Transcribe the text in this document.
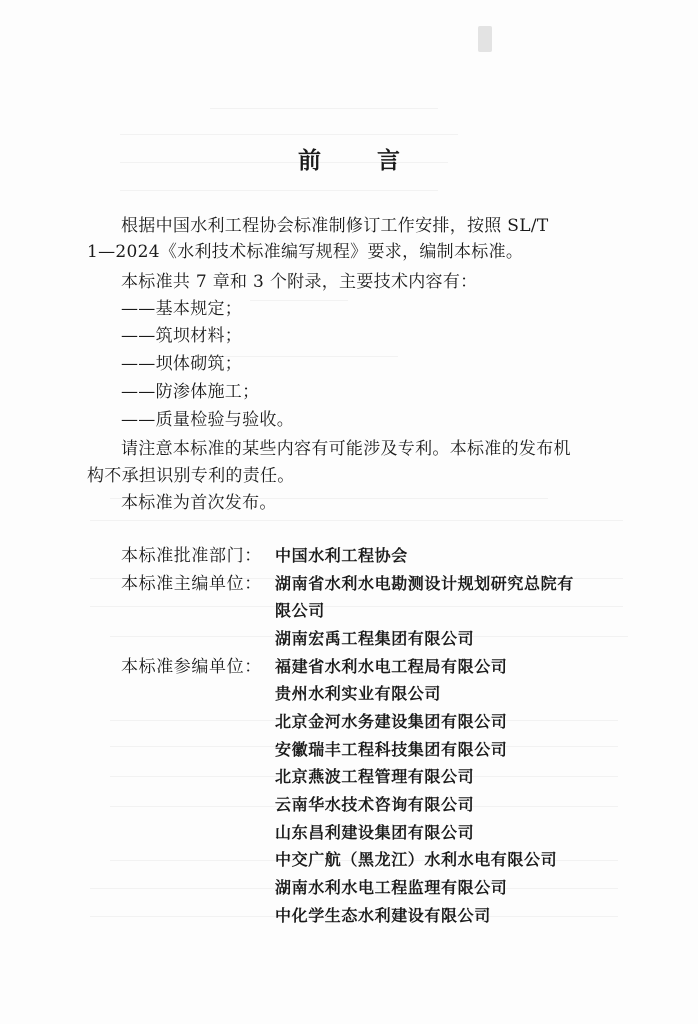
前 言
根据中国水利工程协会标准制修订工作安排，按照 SL/T
1—2024《水利技术标准编写规程》要求，编制本标准。
本标准共 7 章和 3 个附录，主要技术内容有：
——基本规定；
——筑坝材料；
——坝体砌筑；
——防渗体施工；
——质量检验与验收。
请注意本标准的某些内容有可能涉及专利。本标准的发布机
构不承担识别专利的责任。
本标准为首次发布。
本标准批准部门： 中国水利工程协会
本标准主编单位： 湖南省水利水电勘测设计规划研究总院有
限公司
湖南宏禹工程集团有限公司
本标准参编单位： 福建省水利水电工程局有限公司
贵州水利实业有限公司
北京金河水务建设集团有限公司
安徽瑞丰工程科技集团有限公司
北京燕波工程管理有限公司
云南华水技术咨询有限公司
山东昌利建设集团有限公司
中交广航（黑龙江）水利水电有限公司
湖南水利水电工程监理有限公司
中化学生态水利建设有限公司
